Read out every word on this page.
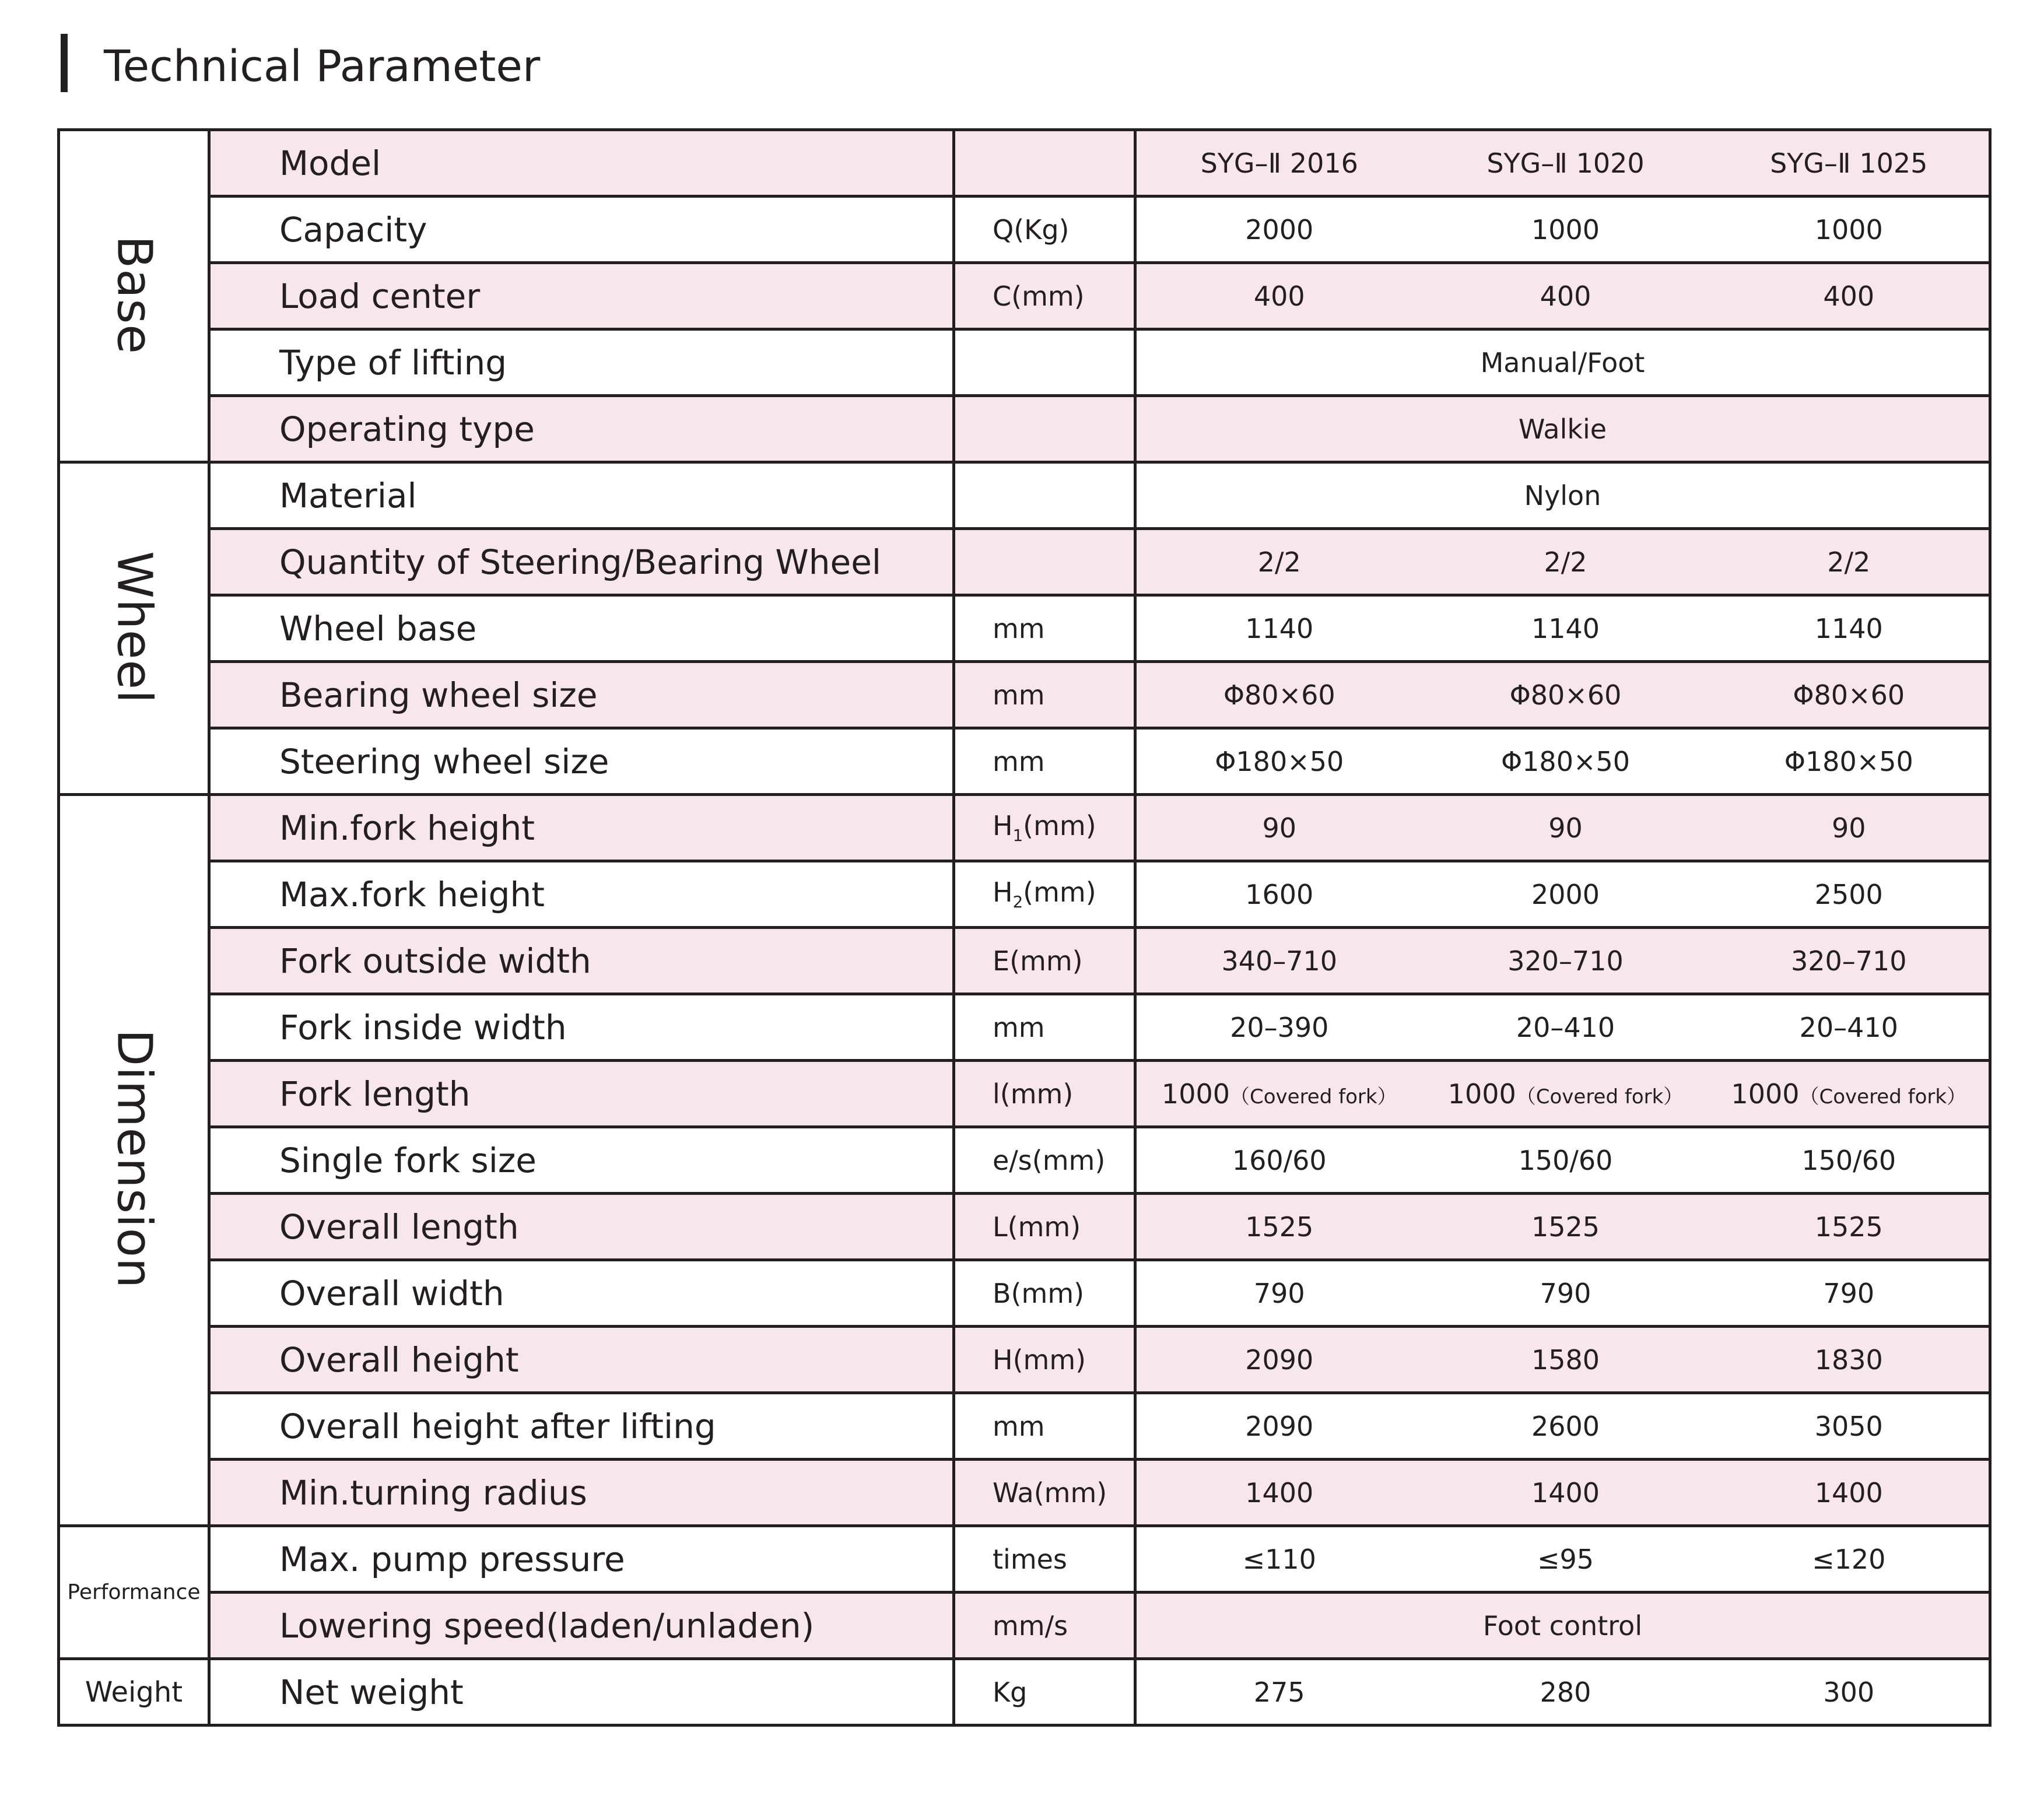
Technical Parameter
Base	Model		SYG–Ⅱ 2016	SYG–Ⅱ 1020	SYG–Ⅱ 1025
	Capacity	Q(Kg)	2000	1000	1000
	Load center	C(mm)	400	400	400
	Type of lifting		Manual/Foot		
	Operating type		Walkie		
Wheel	Material		Nylon		
	Quantity of Steering/Bearing Wheel		2/2	2/2	2/2
	Wheel base	mm	1140	1140	1140
	Bearing wheel size	mm	Φ80×60	Φ80×60	Φ80×60
	Steering wheel size	mm	Φ180×50	Φ180×50	Φ180×50
Dimension	Min.fork height	$H_1(mm)$	90	90	90
	Max.fork height	$H_2(mm)$	1600	2000	2500
	Fork outside width	E(mm)	340–710	320–710	320–710
	Fork inside width	mm	20–390	20–410	20–410
	Fork length	l(mm)	1000（Covered fork）	1000（Covered fork）	1000（Covered fork）
	Single fork size	e/s(mm)	160/60	150/60	150/60
	Overall length	L(mm)	1525	1525	1525
	Overall width	B(mm)	790	790	790
	Overall height	H(mm)	2090	1580	1830
	Overall height after lifting	mm	2090	2600	3050
	Min.turning radius	Wa(mm)	1400	1400	1400
Performance	Max. pump pressure	times	≤110	≤95	≤120
	Lowering speed(laden/unladen)	mm/s	Foot control		
Weight	Net weight	Kg	275	280	300
